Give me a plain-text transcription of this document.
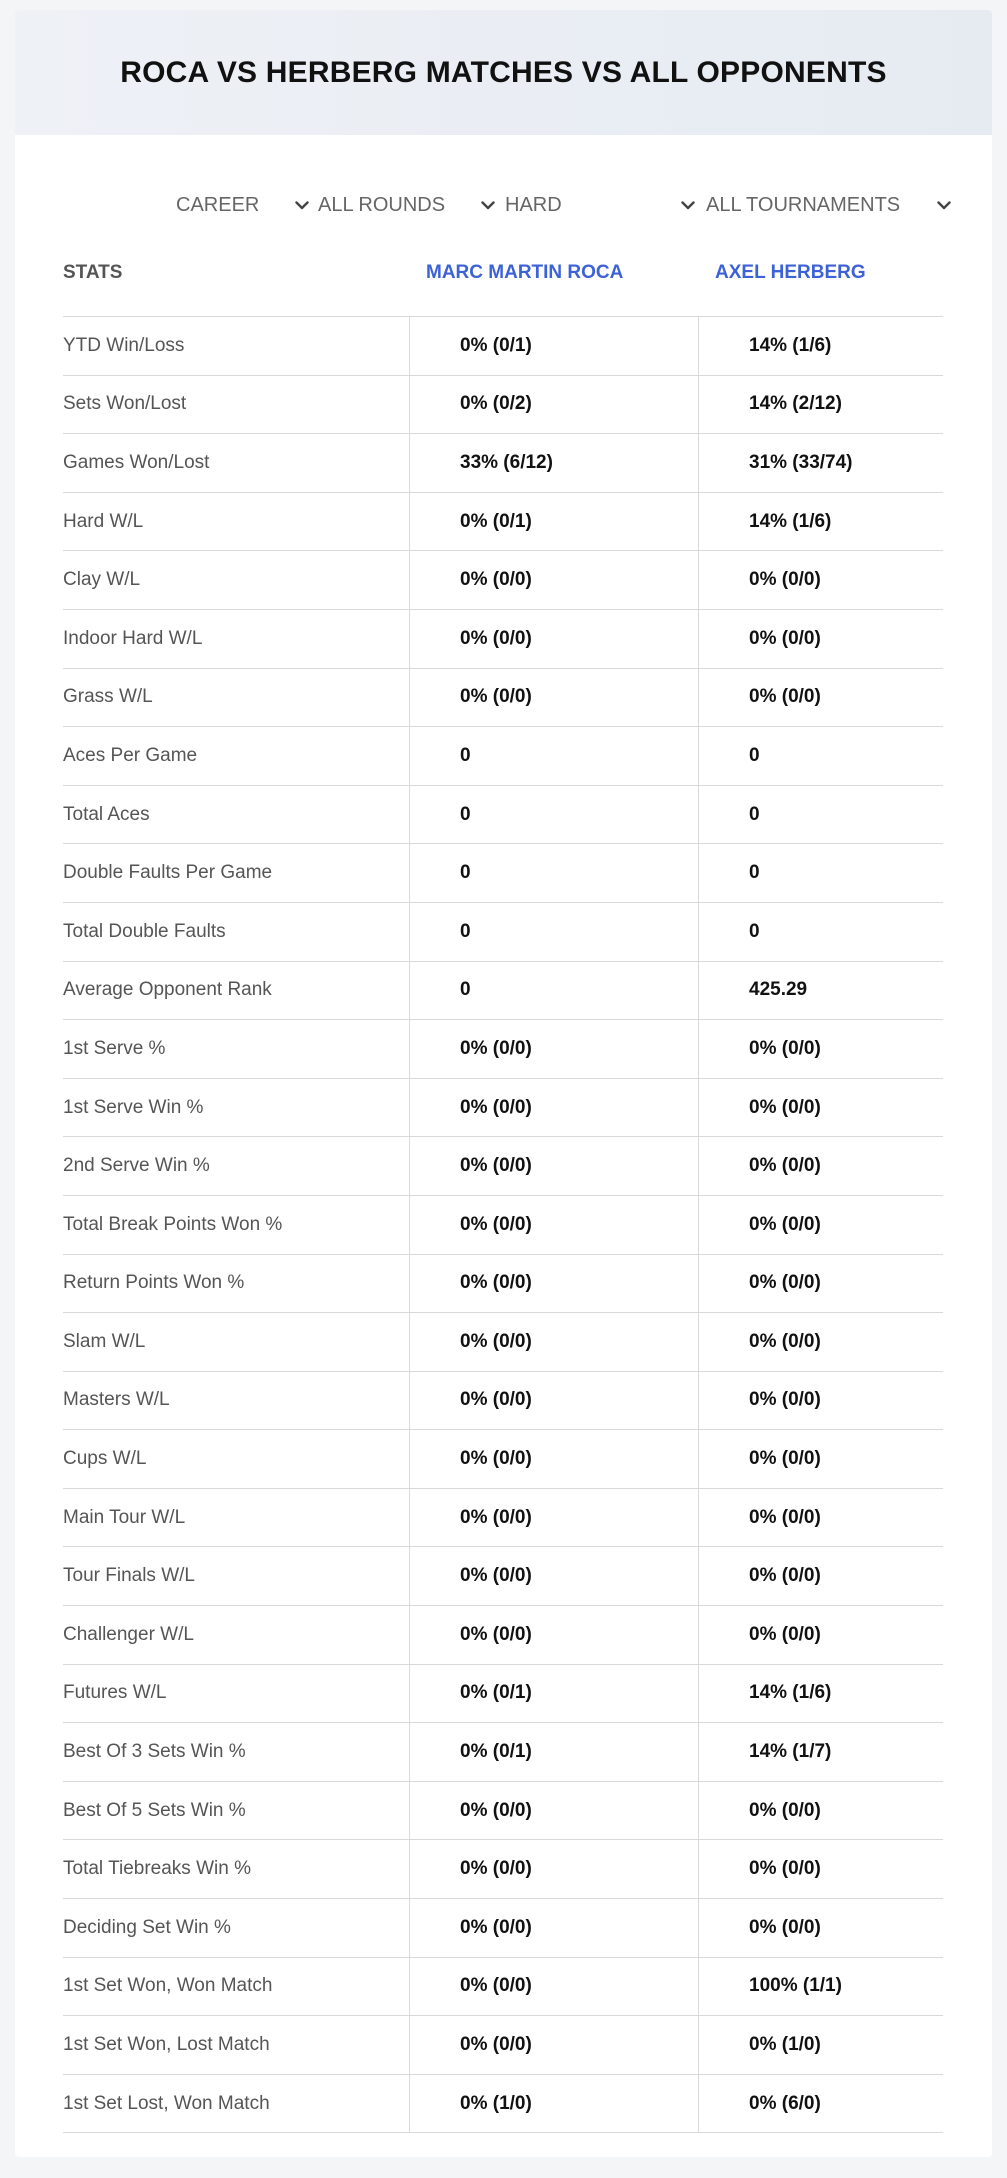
ROCA VS HERBERG MATCHES VS ALL OPPONENTS
CAREER	ALL ROUNDS	HARD	ALL TOURNAMENTS
STATS	MARC MARTIN ROCA	AXEL HERBERG
YTD Win/Loss	0% (0/1)	14% (1/6)
Sets Won/Lost	0% (0/2)	14% (2/12)
Games Won/Lost	33% (6/12)	31% (33/74)
Hard W/L	0% (0/1)	14% (1/6)
Clay W/L	0% (0/0)	0% (0/0)
Indoor Hard W/L	0% (0/0)	0% (0/0)
Grass W/L	0% (0/0)	0% (0/0)
Aces Per Game	0	0
Total Aces	0	0
Double Faults Per Game	0	0
Total Double Faults	0	0
Average Opponent Rank	0	425.29
1st Serve %	0% (0/0)	0% (0/0)
1st Serve Win %	0% (0/0)	0% (0/0)
2nd Serve Win %	0% (0/0)	0% (0/0)
Total Break Points Won %	0% (0/0)	0% (0/0)
Return Points Won %	0% (0/0)	0% (0/0)
Slam W/L	0% (0/0)	0% (0/0)
Masters W/L	0% (0/0)	0% (0/0)
Cups W/L	0% (0/0)	0% (0/0)
Main Tour W/L	0% (0/0)	0% (0/0)
Tour Finals W/L	0% (0/0)	0% (0/0)
Challenger W/L	0% (0/0)	0% (0/0)
Futures W/L	0% (0/1)	14% (1/6)
Best Of 3 Sets Win %	0% (0/1)	14% (1/7)
Best Of 5 Sets Win %	0% (0/0)	0% (0/0)
Total Tiebreaks Win %	0% (0/0)	0% (0/0)
Deciding Set Win %	0% (0/0)	0% (0/0)
1st Set Won, Won Match	0% (0/0)	100% (1/1)
1st Set Won, Lost Match	0% (0/0)	0% (1/0)
1st Set Lost, Won Match	0% (1/0)	0% (6/0)
